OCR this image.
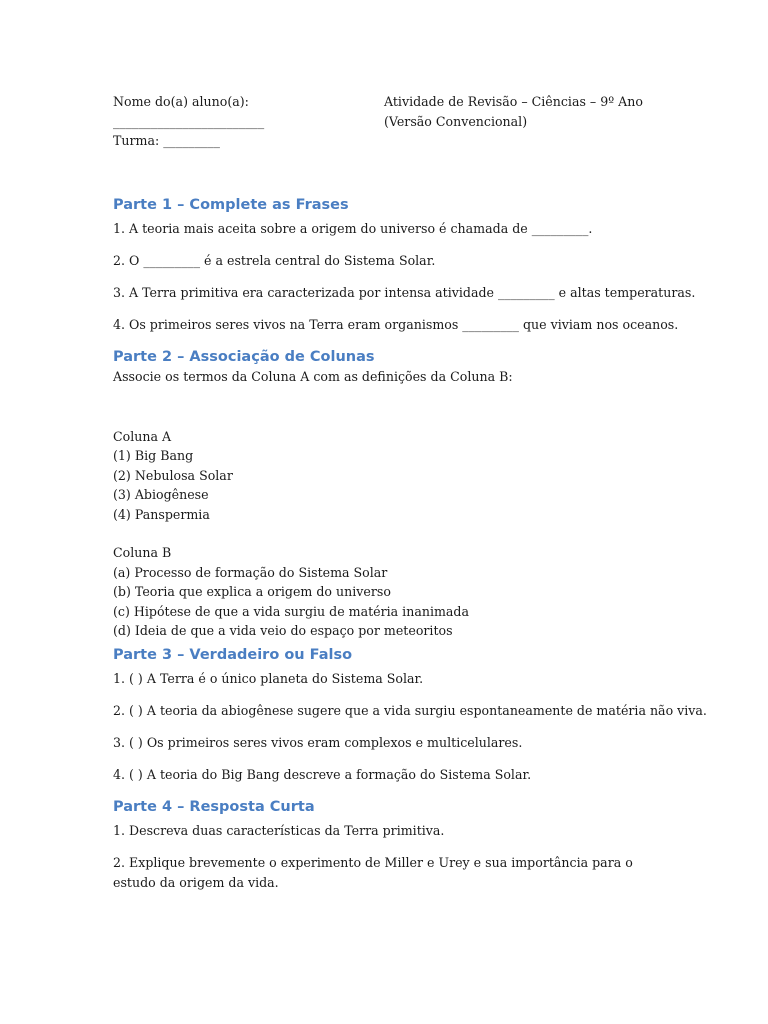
Nome do(a) aluno(a):
________________________
Turma: _________
Atividade de Revisão – Ciências – 9º Ano
(Versão Convencional)
Parte 1 – Complete as Frases

1. A teoria mais aceita sobre a origem do universo é chamada de _________.

2. O _________ é a estrela central do Sistema Solar.

3. A Terra primitiva era caracterizada por intensa atividade _________ e altas temperaturas.

4. Os primeiros seres vivos na Terra eram organismos _________ que viviam nos oceanos.

Parte 2 – Associação de Colunas

Associe os termos da Coluna A com as definições da Coluna B:

Coluna A

(1) Big Bang

(2) Nebulosa Solar

(3) Abiogênese

(4) Panspermia

Coluna B

(a) Processo de formação do Sistema Solar

(b) Teoria que explica a origem do universo

(c) Hipótese de que a vida surgiu de matéria inanimada

(d) Ideia de que a vida veio do espaço por meteoritos

Parte 3 – Verdadeiro ou Falso

1. ( ) A Terra é o único planeta do Sistema Solar.

2. ( ) A teoria da abiogênese sugere que a vida surgiu espontaneamente de matéria não viva.

3. ( ) Os primeiros seres vivos eram complexos e multicelulares.

4. ( ) A teoria do Big Bang descreve a formação do Sistema Solar.

Parte 4 – Resposta Curta

1. Descreva duas características da Terra primitiva.

2. Explique brevemente o experimento de Miller e Urey e sua importância para o estudo da origem da vida.
